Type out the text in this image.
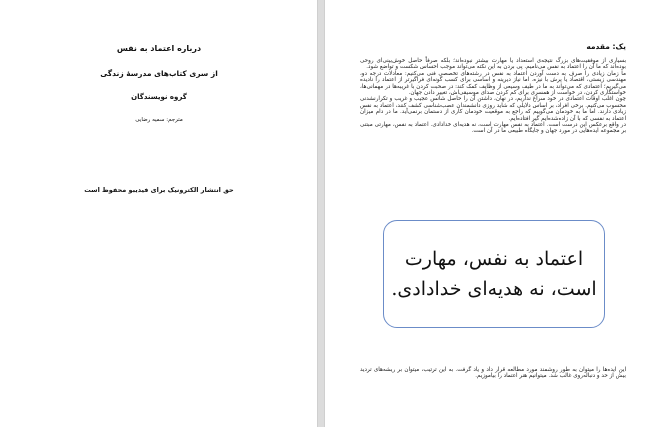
درباره اعتماد به نفس
از سری کتاب‌های مدرسهٔ زندگی
گروه نویسندگان
مترجم: سمیه رضایی
حق انتشار الکترونیک برای فیدیبو محفوظ است
یک: مقدمه

بسیاری از موفقیت‌های بزرگ نتیجه‌ی استعداد یا مهارت بیشتر نبوده‌اند؛ بلکه صرفاً حاصل خوش‌بینی‌ای روحی بوده‌اند که ما آن را اعتماد به نفس می‌نامیم. پی بردن به این نکته می‌تواند موجب احساس شکست و تواضع شود.

ما زمان زیادی را صرف به دست آوردن اعتماد به نفس در رشته‌های تخصصی فنی می‌کنیم: معادلات درجه دو، مهندسی زیستی، اقتصاد یا پرش با نیزه. اما نیاز دیرینه و اساسی برای کسب گونه‌ای فراگیرتر از اعتماد را نادیده می‌گیریم؛ اعتمادی که می‌تواند به ما در طیف وسیعی از وظایف کمک کند: در صحبت کردن با غریبه‌ها در مهمانی‌ها، خواستگاری کردن، در خواست از همسری برای کم کردن صدای موسیقی‌اش، تغییر دادن جهان.

چون اغلب اوقات اعتمادی در خود سراغ نداریم، در نهان، داشتن آن را حاصل شانس عجیب و غریب و تکرارنشدنی محسوب می‌کنیم. برخی افراد، بر اساس دلایلی که شاید روزی دانشمندان عصب‌شناسی کشف کنند، اعتماد به نفس زیادی دارند. اما ما به خودمان می‌گوییم که راجع به موقعیت خودمان کاری از دستمان برنمی‌آید. ما در دام میزان اعتماد به نفسی که با آن زاده‌شده‌ایم گیر افتاده‌ایم.

در واقع برعکس این درست است. اعتماد به نفس مهارت است، نه هدیه‌ای خدادادی. اعتماد به نفس، مهارتی مبتنی بر مجموعه ایده‌هایی در مورد جهان و جایگاه طبیعی ما در آن است.

اعتماد به نفس، مهارت
است، نه هدیه‌ای خدادادی.

این ایده‌ها را میتوان به طور روشمند مورد مطالعه قرار داد و یاد گرفت. به این ترتیب، میتوان بر ریشه‌های تردید بیش از حد و دنباله‌روی غالب شد. میتوانیم هنر اعتماد را بیاموزیم.
